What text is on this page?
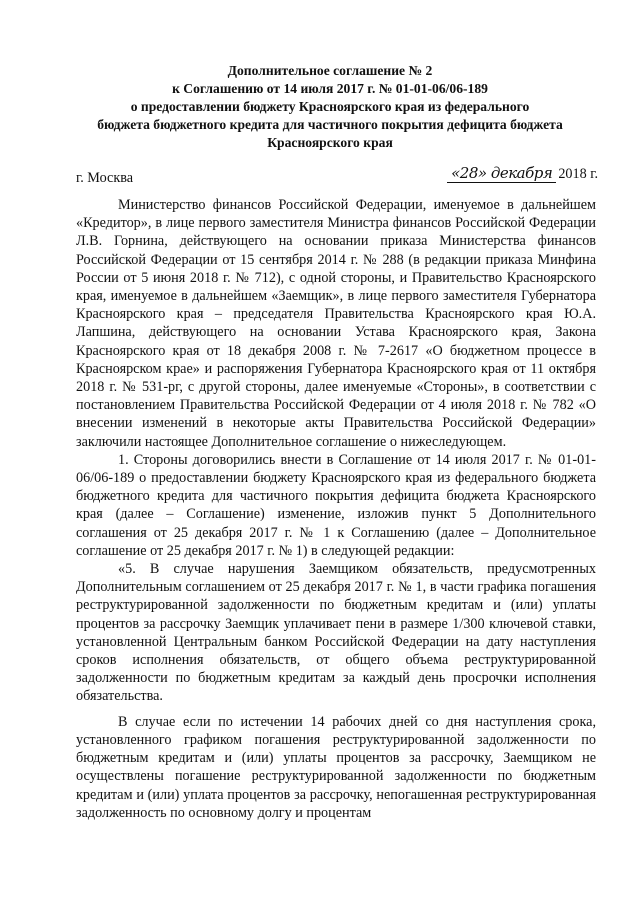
Дополнительное соглашение № 2
к Соглашению от 14 июля 2017 г. № 01-01-06/06-189
о предоставлении бюджету Красноярского края из федерального
бюджета бюджетного кредита для частичного покрытия дефицита бюджета
Красноярского края
г. Москва	«28» декабря 2018 г.

Министерство финансов Российской Федерации, именуемое в дальнейшем «Кредитор», в лице первого заместителя Министра финансов Российской Федерации Л.В. Горнина, действующего на основании приказа Министерства финансов Российской Федерации от 15 сентября 2014 г. № 288 (в редакции приказа Минфина России от 5 июня 2018 г. № 712), с одной стороны, и Правительство Красноярского края, именуемое в дальнейшем «Заемщик», в лице первого заместителя Губернатора Красноярского края – председателя Правительства Красноярского края Ю.А. Лапшина, действующего на основании Устава Красноярского края, Закона Красноярского края от 18 декабря 2008 г. № 7-2617 «О бюджетном процессе в Красноярском крае» и распоряжения Губернатора Красноярского края от 11 октября 2018 г. № 531-рг, с другой стороны, далее именуемые «Стороны», в соответствии с постановлением Правительства Российской Федерации от 4 июля 2018 г. № 782 «О внесении изменений в некоторые акты Правительства Российской Федерации» заключили настоящее Дополнительное соглашение о нижеследующем.

1. Стороны договорились внести в Соглашение от 14 июля 2017 г. № 01-01-06/06-189 о предоставлении бюджету Красноярского края из федерального бюджета бюджетного кредита для частичного покрытия дефицита бюджета Красноярского края (далее – Соглашение) изменение, изложив пункт 5 Дополнительного соглашения от 25 декабря 2017 г. № 1 к Соглашению (далее – Дополнительное соглашение от 25 декабря 2017 г. № 1) в следующей редакции:

«5. В случае нарушения Заемщиком обязательств, предусмотренных Дополнительным соглашением от 25 декабря 2017 г. № 1, в части графика погашения реструктурированной задолженности по бюджетным кредитам и (или) уплаты процентов за рассрочку Заемщик уплачивает пени в размере 1/300 ключевой ставки, установленной Центральным банком Российской Федерации на дату наступления сроков исполнения обязательств, от общего объема реструктурированной задолженности по бюджетным кредитам за каждый день просрочки исполнения обязательства.

В случае если по истечении 14 рабочих дней со дня наступления срока, установленного графиком погашения реструктурированной задолженности по бюджетным кредитам и (или) уплаты процентов за рассрочку, Заемщиком не осуществлены погашение реструктурированной задолженности по бюджетным кредитам и (или) уплата процентов за рассрочку, непогашенная реструктурированная задолженность по основному долгу и процентам
